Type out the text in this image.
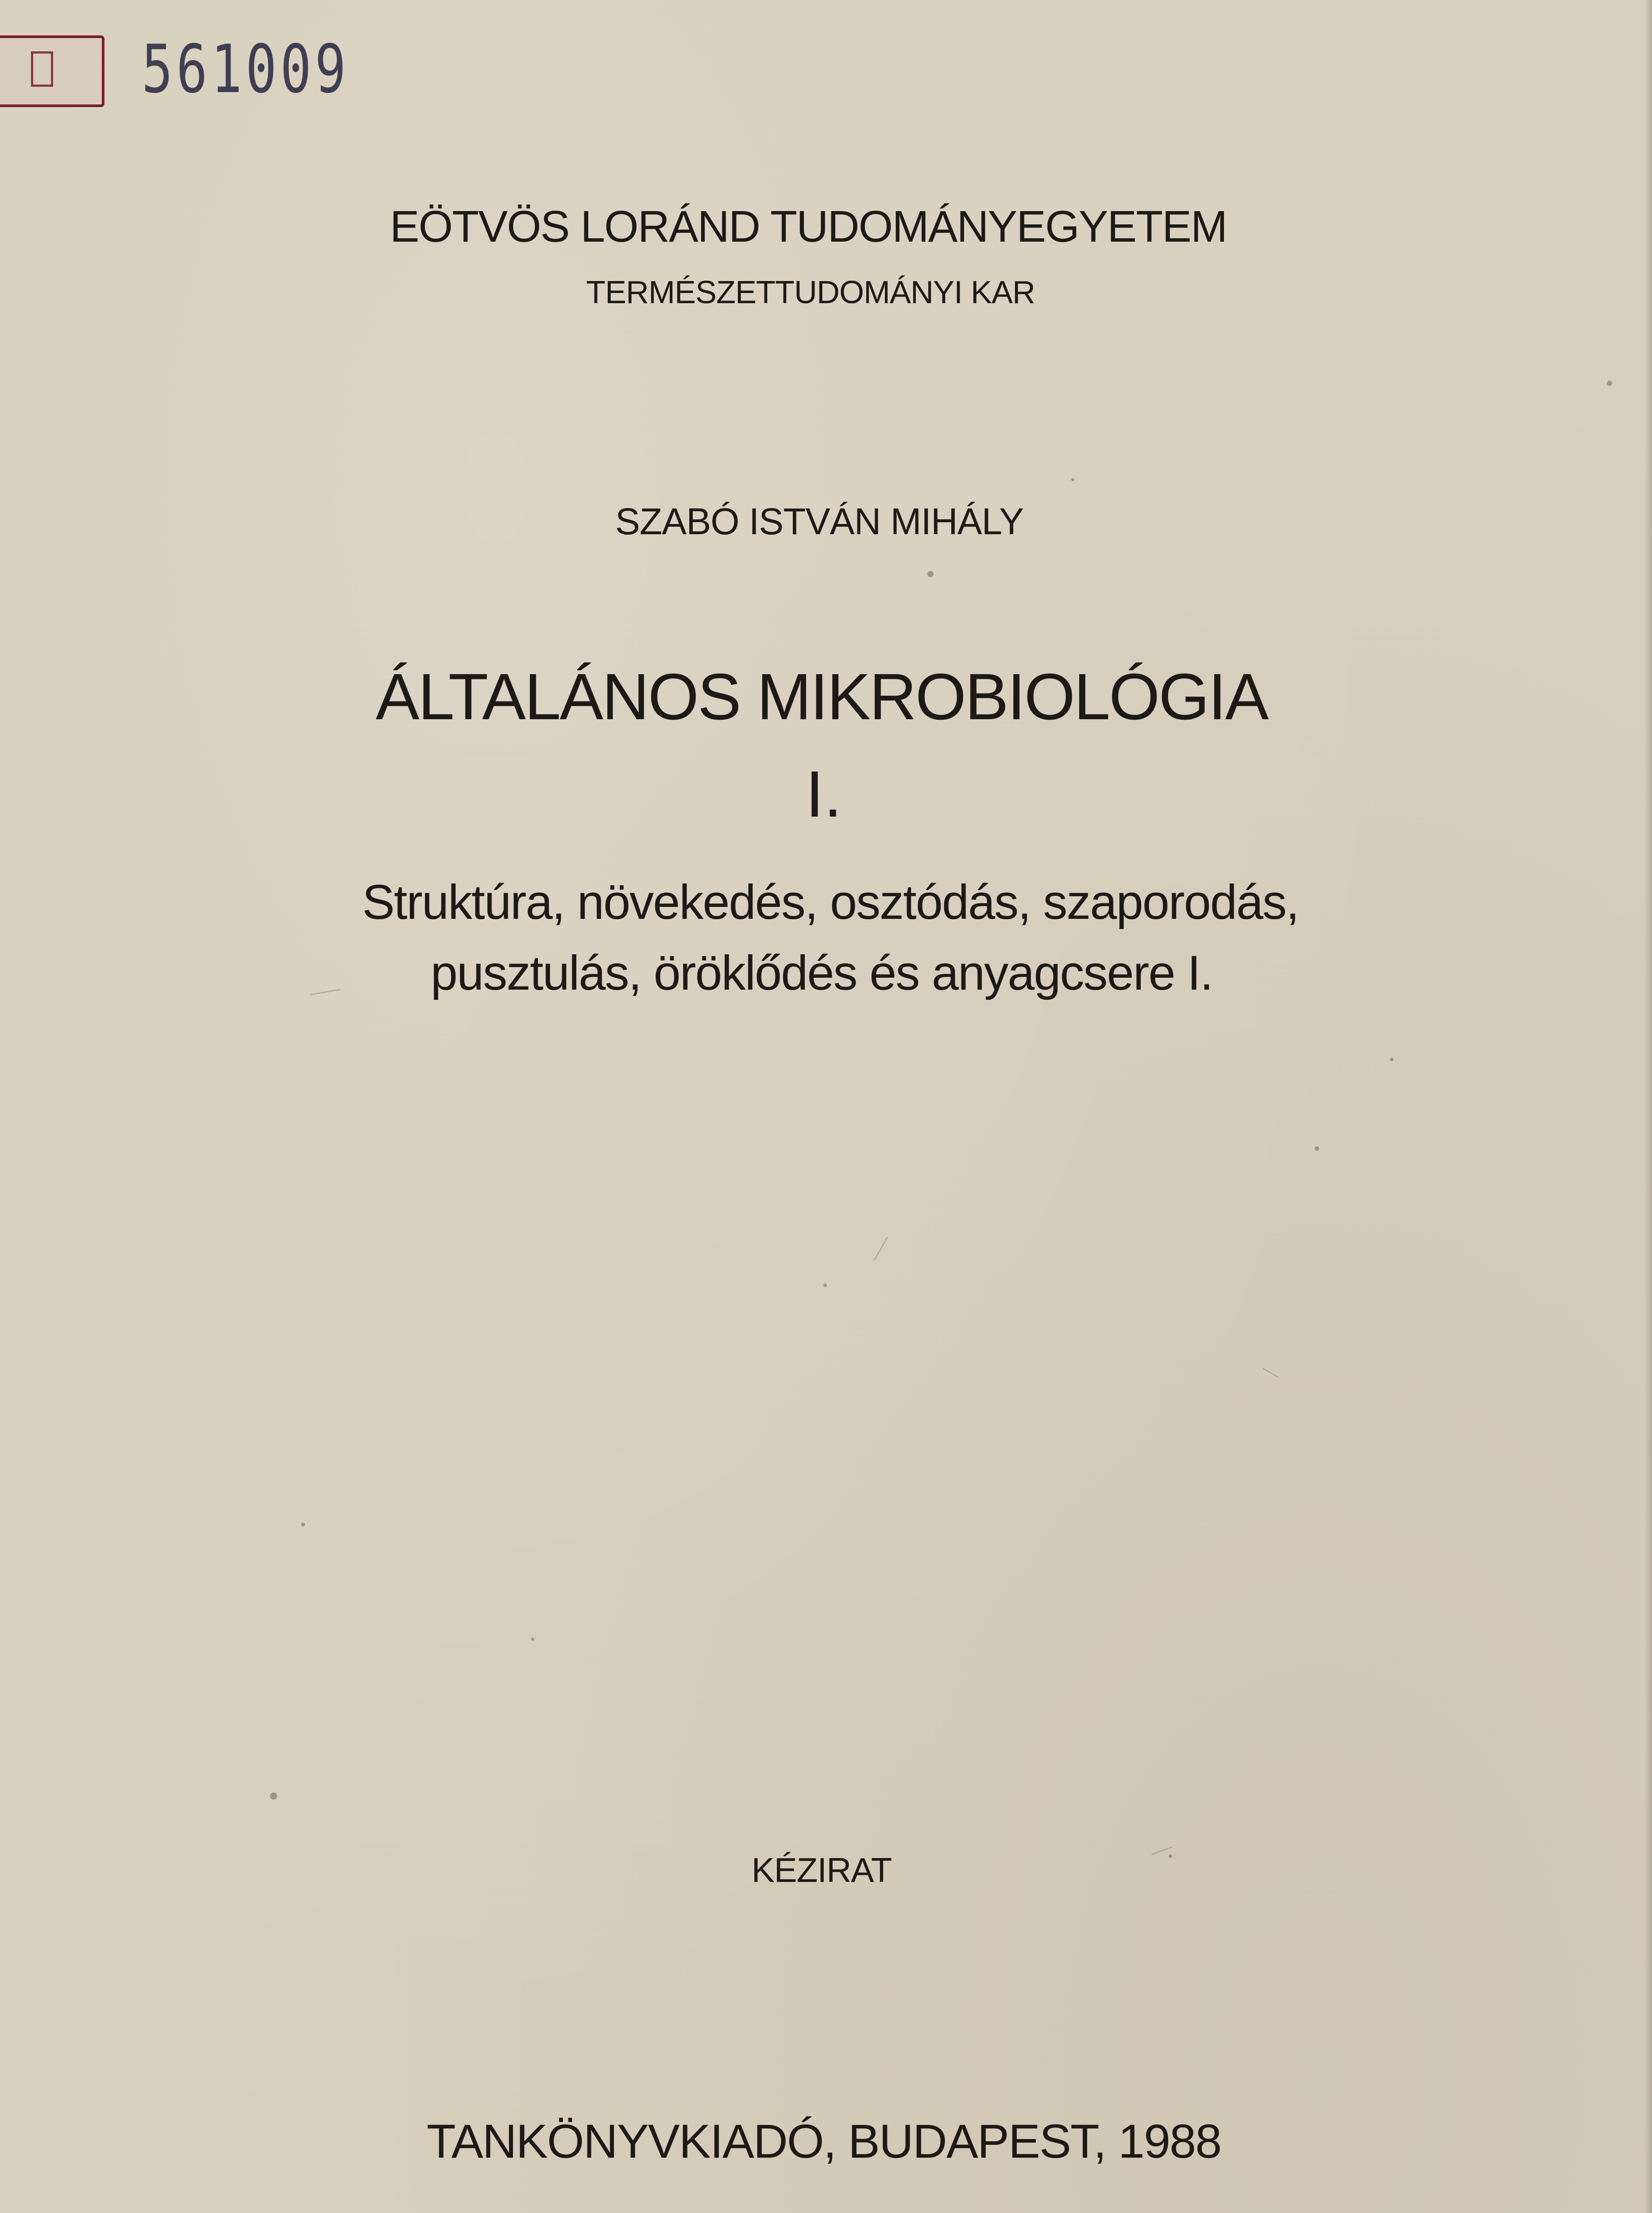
561009
EÖTVÖS LORÁND TUDOMÁNYEGYETEM
TERMÉSZETTUDOMÁNYI KAR
SZABÓ ISTVÁN MIHÁLY
ÁLTALÁNOS MIKROBIOLÓGIA
I.
Struktúra, növekedés, osztódás, szaporodás,
pusztulás, öröklődés és anyagcsere I.
KÉZIRAT
TANKÖNYVKIADÓ, BUDAPEST, 1988
